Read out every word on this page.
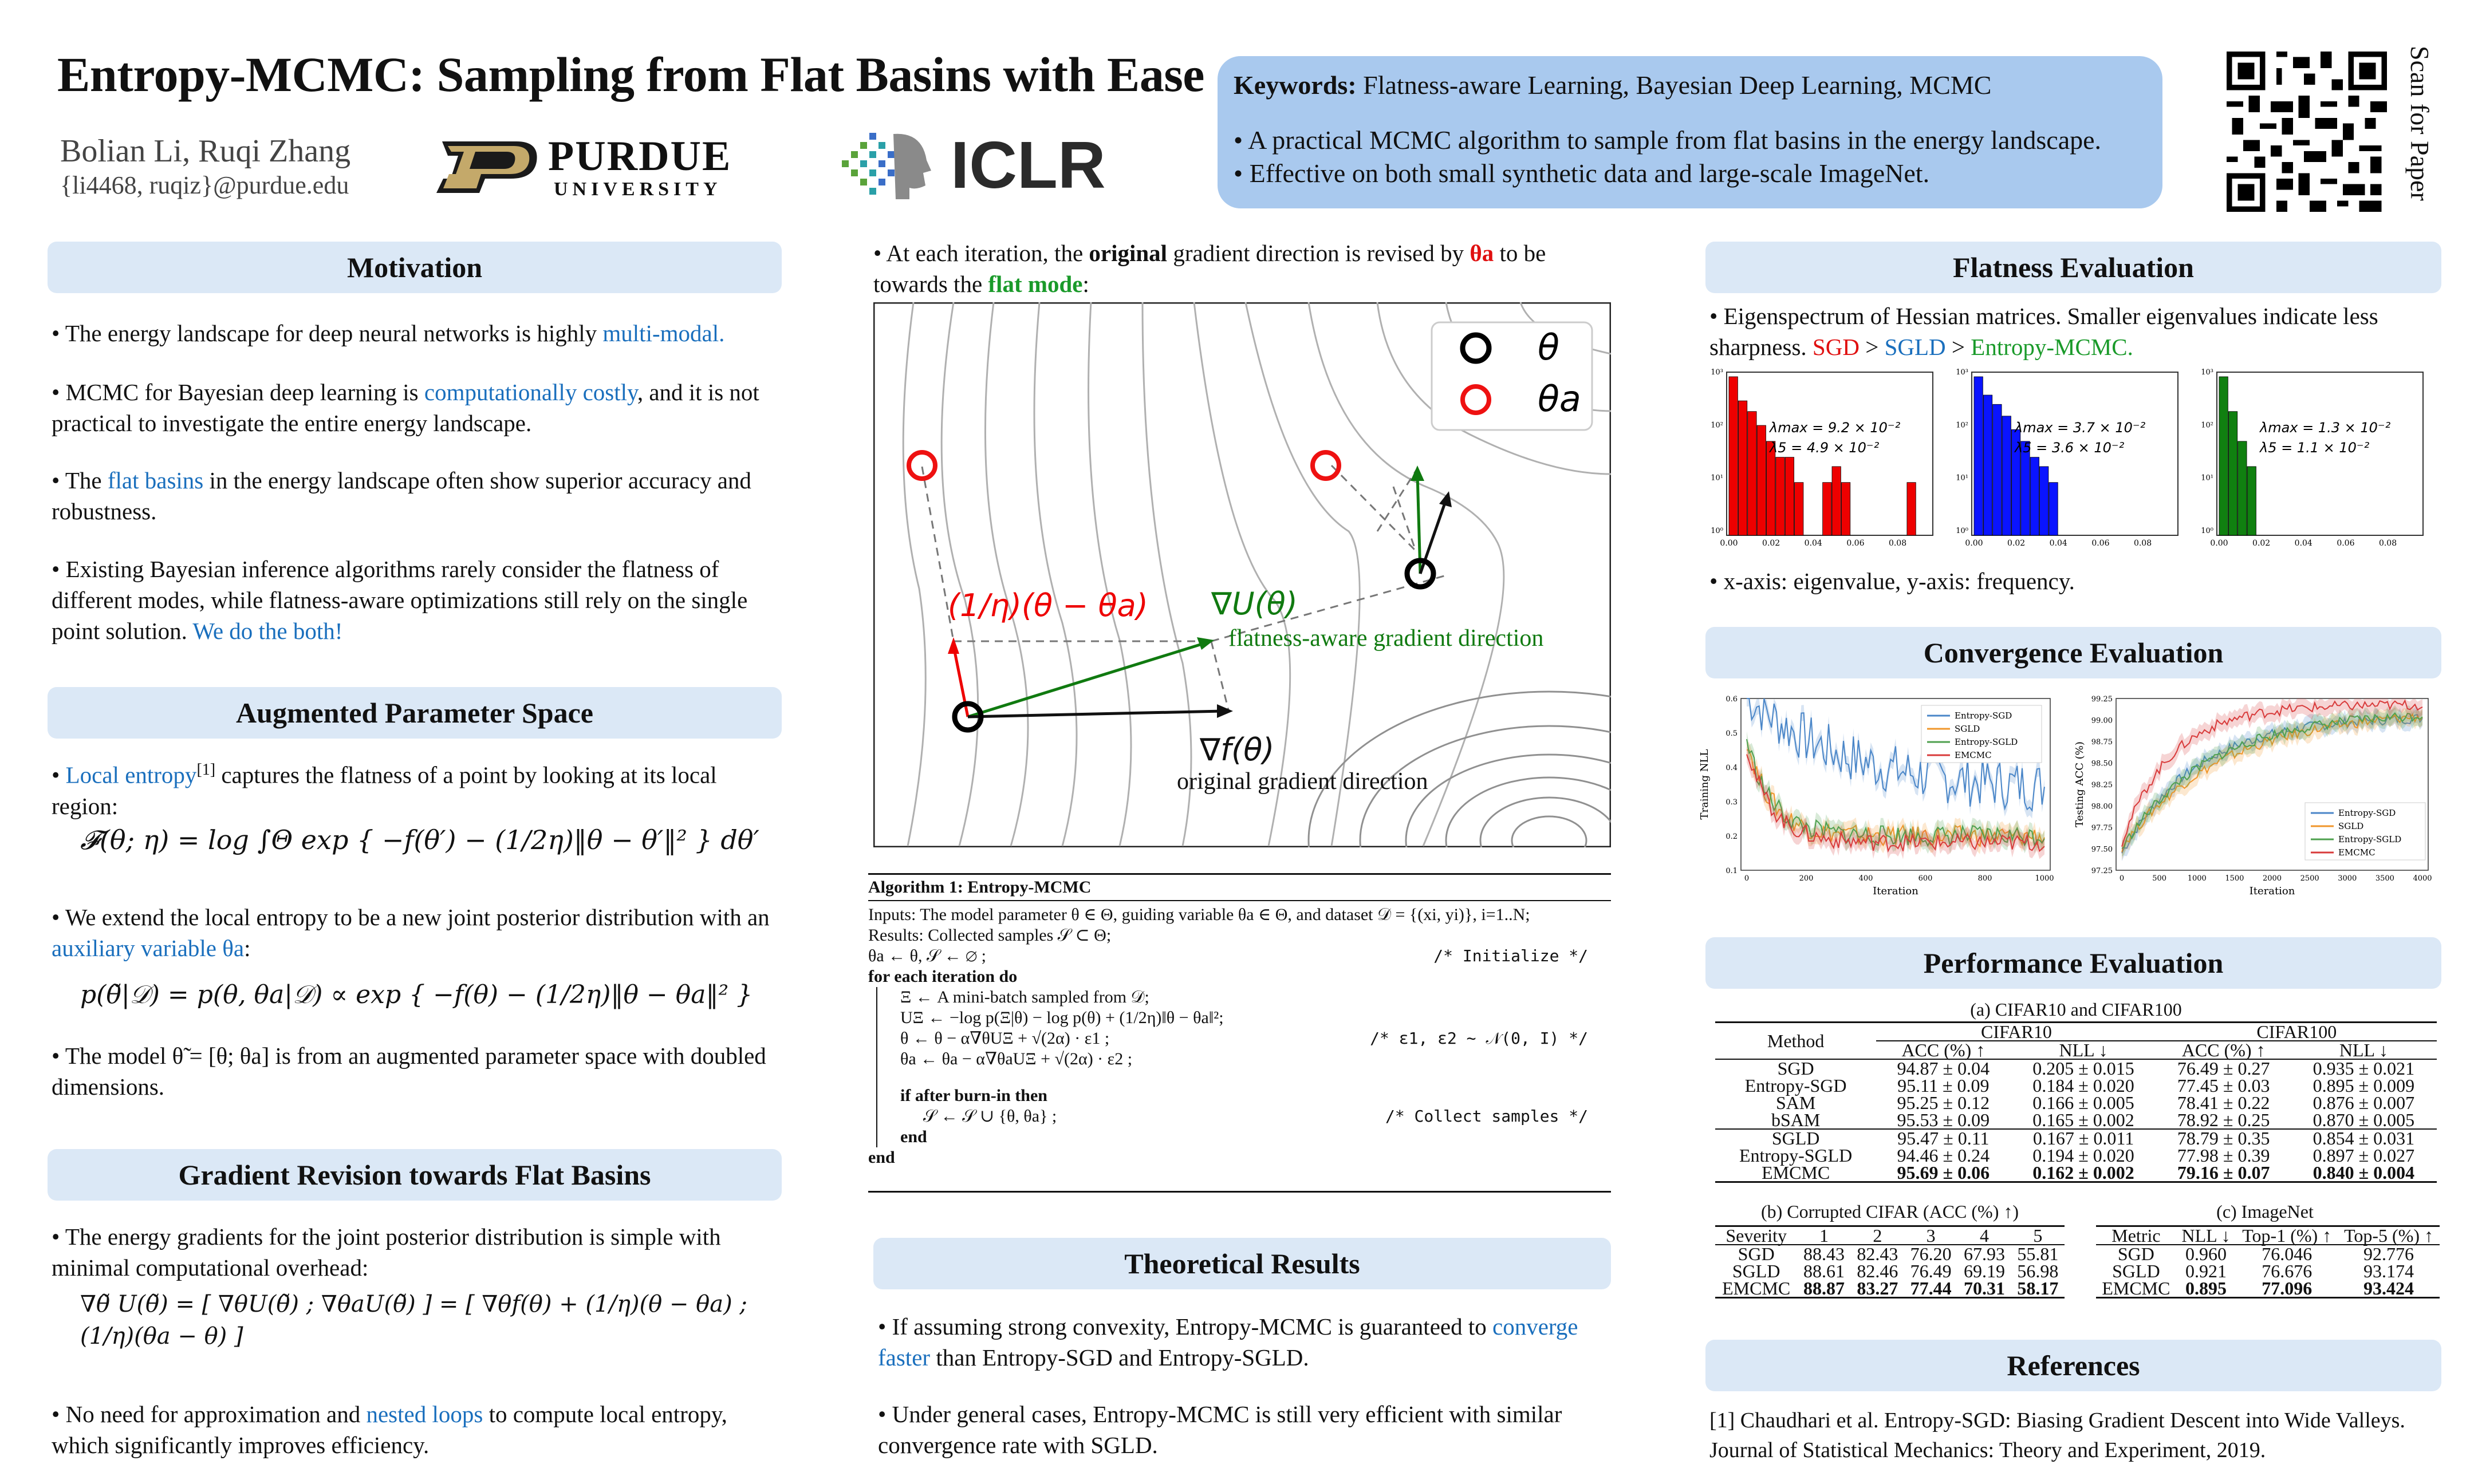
Entropy-MCMC: Sampling from Flat Basins with Ease
Bolian Li, Ruqi Zhang
{li4468, ruqiz}@purdue.edu
PURDUE
UNIVERSITY	ICLR
Keywords: Flatness-aware Learning, Bayesian Deep Learning, MCMC
• A practical MCMC algorithm to sample from flat basins in the energy landscape.
• Effective on both small synthetic data and large-scale ImageNet.	Scan for Paper
Motivation
• The energy landscape for deep neural networks is highly multi-modal.
• MCMC for Bayesian deep learning is computationally costly, and it is not practical to investigate the entire energy landscape.
• The flat basins in the energy landscape often show superior accuracy and robustness.
• Existing Bayesian inference algorithms rarely consider the flatness of different modes, while flatness-aware optimizations still rely on the single point solution. We do the both!
Augmented Parameter Space
• Local entropy[1] captures the flatness of a point by looking at its local region:
𝓕(θ; η) = log ∫Θ exp { −f(θ′) − (1/2η)‖θ − θ′‖² } dθ′
• We extend the local entropy to be a new joint posterior distribution with an auxiliary variable θa:
p(θ̃|𝒟) = p(θ, θa|𝒟) ∝ exp { −f(θ) − (1/2η)‖θ − θa‖² }
• The model θ̃ = [θ; θa] is from an augmented parameter space with doubled dimensions.
Gradient Revision towards Flat Basins
• The energy gradients for the joint posterior distribution is simple with minimal computational overhead:
∇θ̃ U(θ̃) = [ ∇θU(θ̃) ; ∇θaU(θ̃) ] = [ ∇θf(θ) + (1/η)(θ − θa) ; (1/η)(θa − θ) ]
• No need for approximation and nested loops to compute local entropy, which significantly improves efficiency.
• At each iteration, the original gradient direction is revised by θa to be towards the flat mode:
θ
θa
(1/η)(θ − θa) ∇U(θ)
flatness-aware gradient direction
∇f(θ)
original gradient direction
Algorithm 1: Entropy-MCMC
Inputs: The model parameter θ ∈ Θ, guiding variable θa ∈ Θ, and dataset 𝒟 = {(xi, yi)}, i=1..N;
Results: Collected samples 𝒮 ⊂ Θ;
θa ← θ, 𝒮 ← ∅ ;	/* Initialize */
for each iteration do
Ξ ← A mini-batch sampled from 𝒟;
UΞ ← −log p(Ξ|θ) − log p(θ) + (1/2η)‖θ − θa‖²;
θ ← θ − α∇θUΞ + √(2α) · ε1 ;	/* ε1, ε2 ∼ 𝒩(0, I) */
θa ← θa − α∇θaUΞ + √(2α) · ε2 ;
if after burn-in then
𝒮 ← 𝒮 ∪ {θ, θa} ;	/* Collect samples */
end
end
Theoretical Results
• If assuming strong convexity, Entropy-MCMC is guaranteed to converge faster than Entropy-SGD and Entropy-SGLD.
• Under general cases, Entropy-MCMC is still very efficient with similar convergence rate with SGLD.
Flatness Evaluation
• Eigenspectrum of Hessian matrices. Smaller eigenvalues indicate less sharpness. SGD > SGLD > Entropy-MCMC.
10⁰
10¹
10²
10³
0.00	0.02	0.04	0.06	0.08
λmax = 9.2 × 10⁻²
λ5 = 4.9 × 10⁻²
10⁰
10¹
10²
10³
0.00	0.02	0.04	0.06	0.08
λmax = 3.7 × 10⁻²
λ5 = 3.6 × 10⁻²
10⁰
10¹
10²
10³
0.00	0.02	0.04	0.06	0.08
λmax = 1.3 × 10⁻²
λ5 = 1.1 × 10⁻²
• x-axis: eigenvalue, y-axis: frequency.
Convergence Evaluation
0.1
0.2
0.3
0.4
0.5
0.6
0	200	400	600	800	1000
Iteration
Training NLL
Entropy-SGD
SGLD
Entropy-SGLD
EMCMC
97.25
97.50
97.75
98.00
98.25
98.50
98.75
99.00
99.25
0	500	1000	1500	2000	2500	3000	3500	4000
Iteration
Testing ACC (%)	Entropy-SGD
SGLD
Entropy-SGLD
EMCMC
Performance Evaluation
(a) CIFAR10 and CIFAR100
Method	CIFAR10		CIFAR100	
	ACC (%) ↑	NLL ↓	ACC (%) ↑	NLL ↓
SGD	94.87 ± 0.04	0.205 ± 0.015	76.49 ± 0.27	0.935 ± 0.021
Entropy-SGD	95.11 ± 0.09	0.184 ± 0.020	77.45 ± 0.03	0.895 ± 0.009
SAM	95.25 ± 0.12	0.166 ± 0.005	78.41 ± 0.22	0.876 ± 0.007
bSAM	95.53 ± 0.09	0.165 ± 0.002	78.92 ± 0.25	0.870 ± 0.005
SGLD	95.47 ± 0.11	0.167 ± 0.011	78.79 ± 0.35	0.854 ± 0.031
Entropy-SGLD	94.46 ± 0.24	0.194 ± 0.020	77.98 ± 0.39	0.897 ± 0.027
EMCMC	95.69 ± 0.06	0.162 ± 0.002	79.16 ± 0.07	0.840 ± 0.004
(b) Corrupted CIFAR (ACC (%) ↑)
Severity	1	2	3	4	5
SGD	88.43	82.43	76.20	67.93	55.81
SGLD	88.61	82.46	76.49	69.19	56.98
EMCMC	88.87	83.27	77.44	70.31	58.17
(c) ImageNet
Metric	NLL ↓	Top-1 (%) ↑	Top-5 (%) ↑
SGD	0.960	76.046	92.776
SGLD	0.921	76.676	93.174
EMCMC	0.895	77.096	93.424
References
[1] Chaudhari et al. Entropy-SGD: Biasing Gradient Descent into Wide Valleys. Journal of Statistical Mechanics: Theory and Experiment, 2019.
